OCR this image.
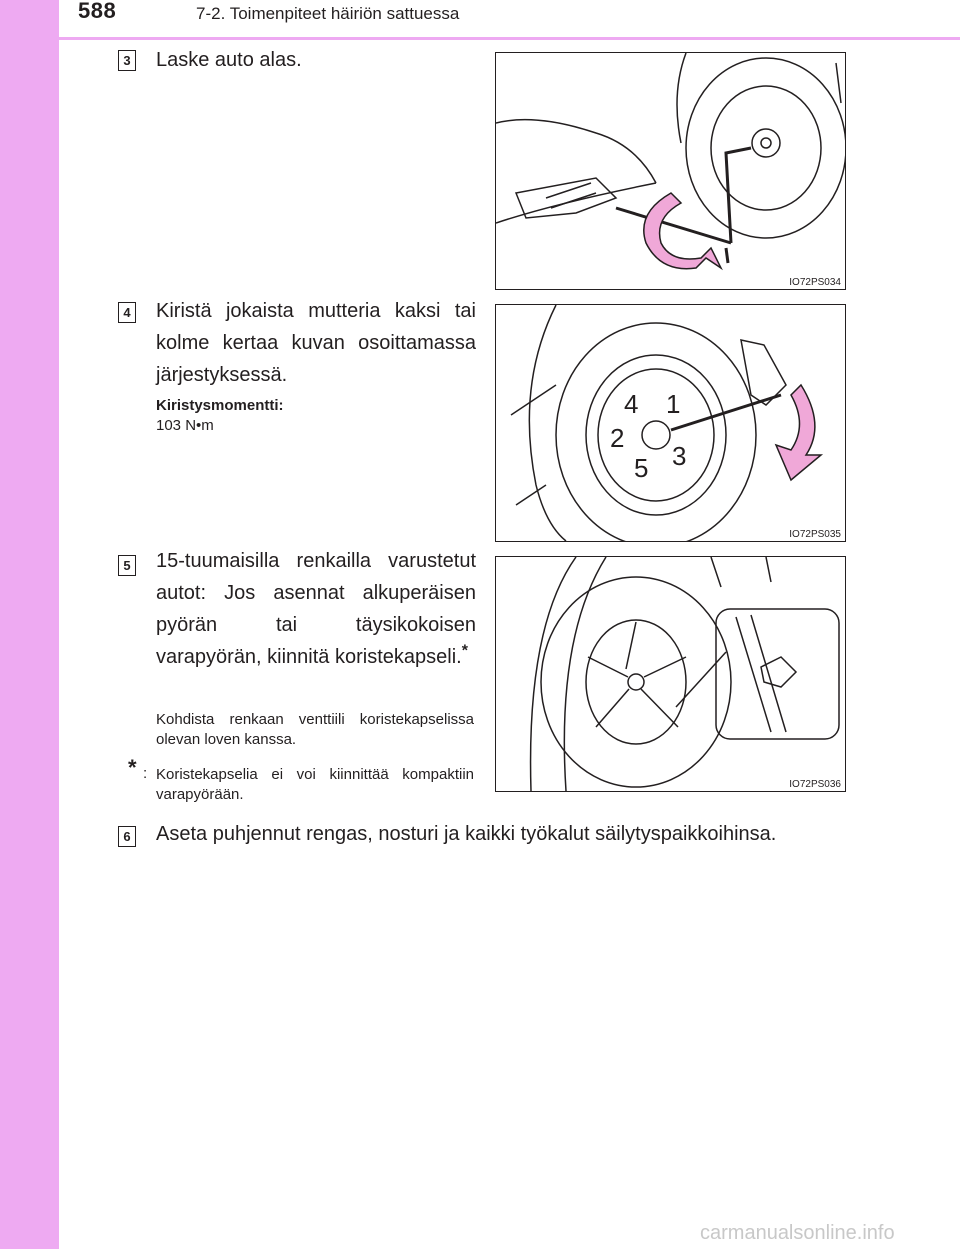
588	7-2. Toimenpiteet häiriön sattuessa
3 Laske auto alas.
IO72PS034
4 Kiristä jokaista mutteria kaksi tai kolme kertaa kuvan osoittamassa järjestyksessä.
Kiristysmomentti:
103 N•m
4 1
2
3
5
IO72PS035
5 15-tuumaisilla renkailla varustetut autot: Jos asennat alkuperäisen pyörän tai täysikokoisen varapyörän, kiinnitä koristekapseli.*
Kohdista renkaan venttiili koristekapselissa olevan loven kanssa.
* : Koristekapselia ei voi kiinnittää kompaktiin varapyörään.
IO72PS036
6 Aseta puhjennut rengas, nosturi ja kaikki työkalut säilytyspaikkoihinsa.
carmanualsonline.info
